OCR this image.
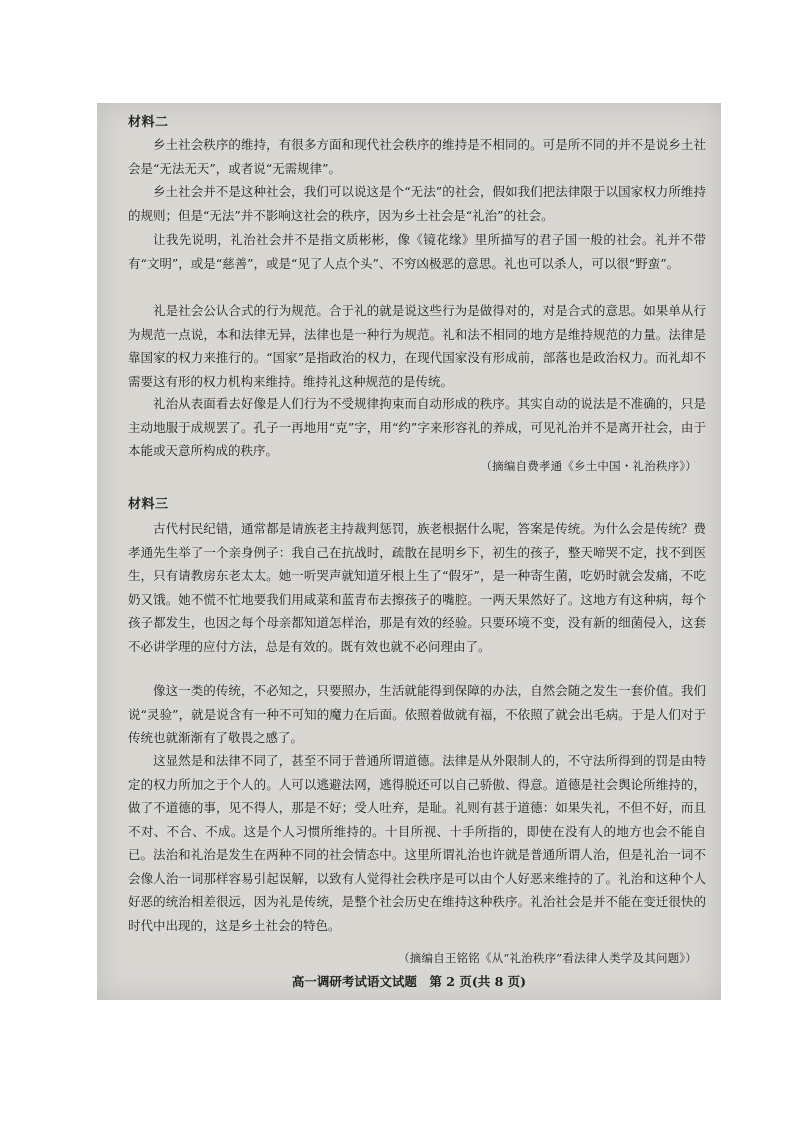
材料二

乡土社会秩序的维持，有很多方面和现代社会秩序的维持是不相同的。可是所不同的并不是说乡土社会是“无法无天”，或者说“无需规律”。

乡土社会并不是这种社会，我们可以说这是个“无法”的社会，假如我们把法律限于以国家权力所维持的规则；但是“无法”并不影响这社会的秩序，因为乡土社会是“礼治”的社会。

让我先说明，礼治社会并不是指文质彬彬，像《镜花缘》里所描写的君子国一般的社会。礼并不带有“文明”，或是“慈善”，或是“见了人点个头”、不穷凶极恶的意思。礼也可以杀人，可以很“野蛮”。

礼是社会公认合式的行为规范。合于礼的就是说这些行为是做得对的，对是合式的意思。如果单从行为规范一点说，本和法律无异，法律也是一种行为规范。礼和法不相同的地方是维持规范的力量。法律是靠国家的权力来推行的。“国家”是指政治的权力，在现代国家没有形成前，部落也是政治权力。而礼却不需要这有形的权力机构来维持。维持礼这种规范的是传统。

礼治从表面看去好像是人们行为不受规律拘束而自动形成的秩序。其实自动的说法是不准确的，只是主动地服于成规罢了。孔子一再地用“克”字，用“约”字来形容礼的养成，可见礼治并不是离开社会，由于本能或天意所构成的秩序。

（摘编自费孝通《乡土中国・礼治秩序》）
材料三

古代村民纪错，通常都是请族老主持裁判惩罚，族老根据什么呢，答案是传统。为什么会是传统？费孝通先生举了一个亲身例子：我自己在抗战时，疏散在昆明乡下，初生的孩子，整天啼哭不定，找不到医生，只有请教房东老太太。她一听哭声就知道牙根上生了“假牙”，是一种寄生菌，吃奶时就会发痛，不吃奶又饿。她不慌不忙地要我们用咸菜和蓝青布去擦孩子的嘴腔。一两天果然好了。这地方有这种病，每个孩子都发生，也因之每个母亲都知道怎样治，那是有效的经验。只要环境不变，没有新的细菌侵入，这套不必讲学理的应付方法，总是有效的。既有效也就不必问理由了。

像这一类的传统，不必知之，只要照办，生活就能得到保障的办法，自然会随之发生一套价值。我们说“灵验”，就是说含有一种不可知的魔力在后面。依照着做就有福，不依照了就会出毛病。于是人们对于传统也就渐渐有了敬畏之感了。

这显然是和法律不同了，甚至不同于普通所谓道德。法律是从外限制人的，不守法所得到的罚是由特定的权力所加之于个人的。人可以逃避法网，逃得脱还可以自己骄傲、得意。道德是社会舆论所维持的，做了不道德的事，见不得人，那是不好；受人吐弃，是耻。礼则有甚于道德：如果失礼，不但不好，而且不对、不合、不成。这是个人习惯所维持的。十目所视、十手所指的，即使在没有人的地方也会不能自已。 法治和礼治是发生在两种不同的社会情态中。这里所谓礼治也许就是普通所谓人治，但是礼治一词不会像人治一词那样容易引起误解，以致有人觉得社会秩序是可以由个人好恶来维持的了。礼治和这种个人好恶的统治相差很远，因为礼是传统，是整个社会历史在维持这种秩序。礼治社会是并不能在变迁很快的时代中出现的，这是乡土社会的特色。

（摘编自王铭铭《从“礼治秩序”看法律人类学及其问题》）
高一调研考试语文试题　第 2 页(共 8 页)
